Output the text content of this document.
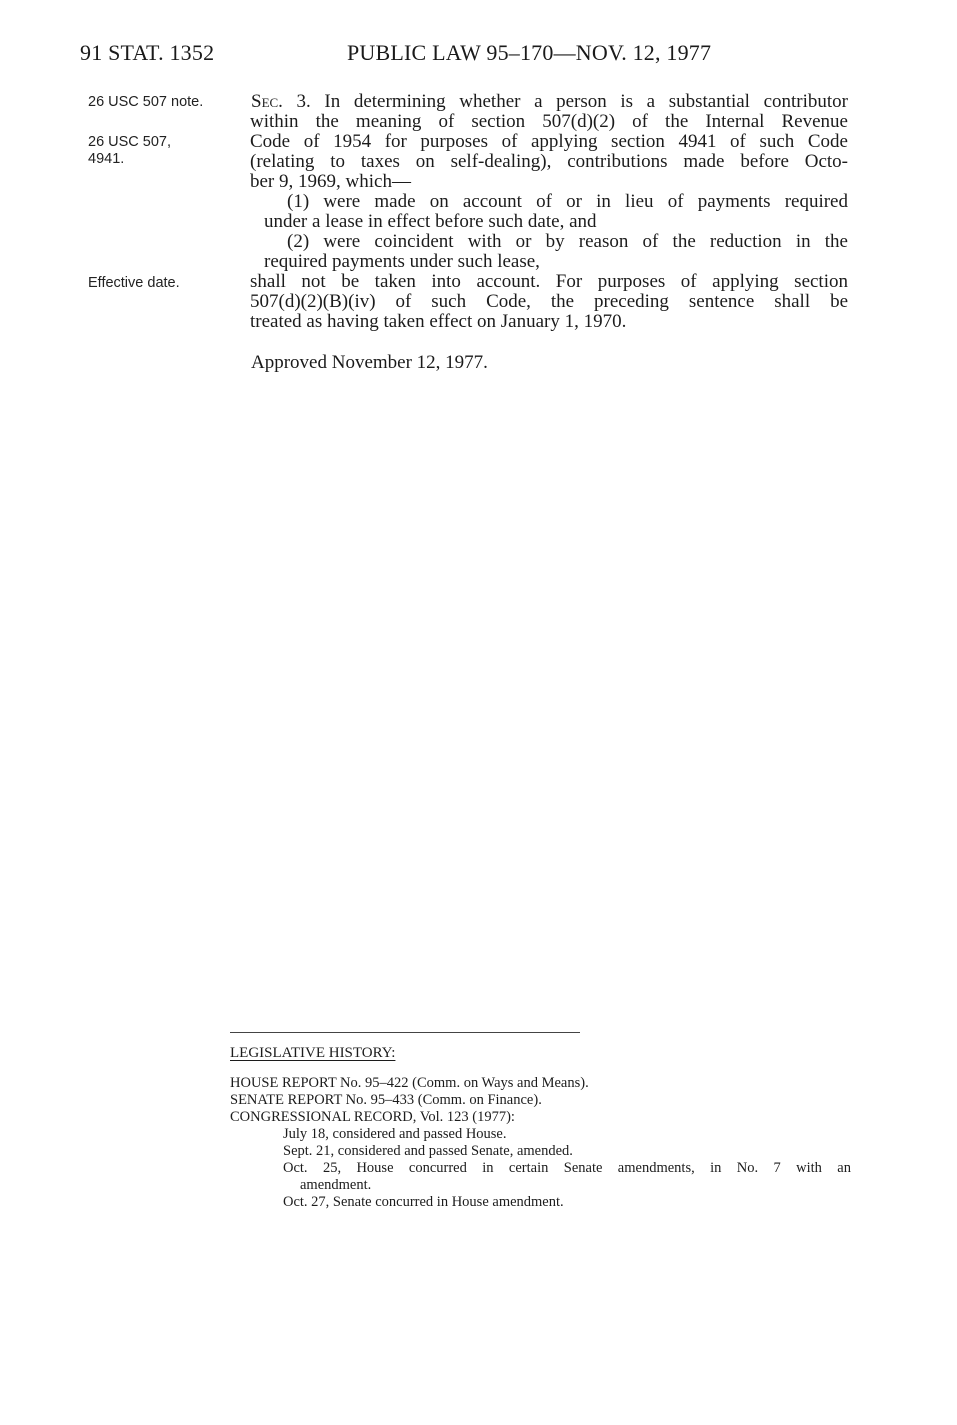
91 STAT. 1352	PUBLIC LAW 95–170—NOV. 12, 1977
26 USC 507 note.
26 USC 507,
4941.
Effective date.
Sec. 3. In determining whether a person is a substantial contributor
within the meaning of section 507(d)(2) of the Internal Revenue
Code of 1954 for purposes of applying section 4941 of such Code
(relating to taxes on self-dealing), contributions made before Octo-
ber 9, 1969, which—
(1) were made on account of or in lieu of payments required
under a lease in effect before such date, and
(2) were coincident with or by reason of the reduction in the
required payments under such lease,
shall not be taken into account. For purposes of applying section
507(d)(2)(B)(iv) of such Code, the preceding sentence shall be
treated as having taken effect on January 1, 1970.
Approved November 12, 1977.
LEGISLATIVE HISTORY:
HOUSE REPORT No. 95–422 (Comm. on Ways and Means).
SENATE REPORT No. 95–433 (Comm. on Finance).
CONGRESSIONAL RECORD, Vol. 123 (1977):
July 18, considered and passed House.
Sept. 21, considered and passed Senate, amended.
Oct. 25, House concurred in certain Senate amendments, in No. 7 with an
amendment.
Oct. 27, Senate concurred in House amendment.
